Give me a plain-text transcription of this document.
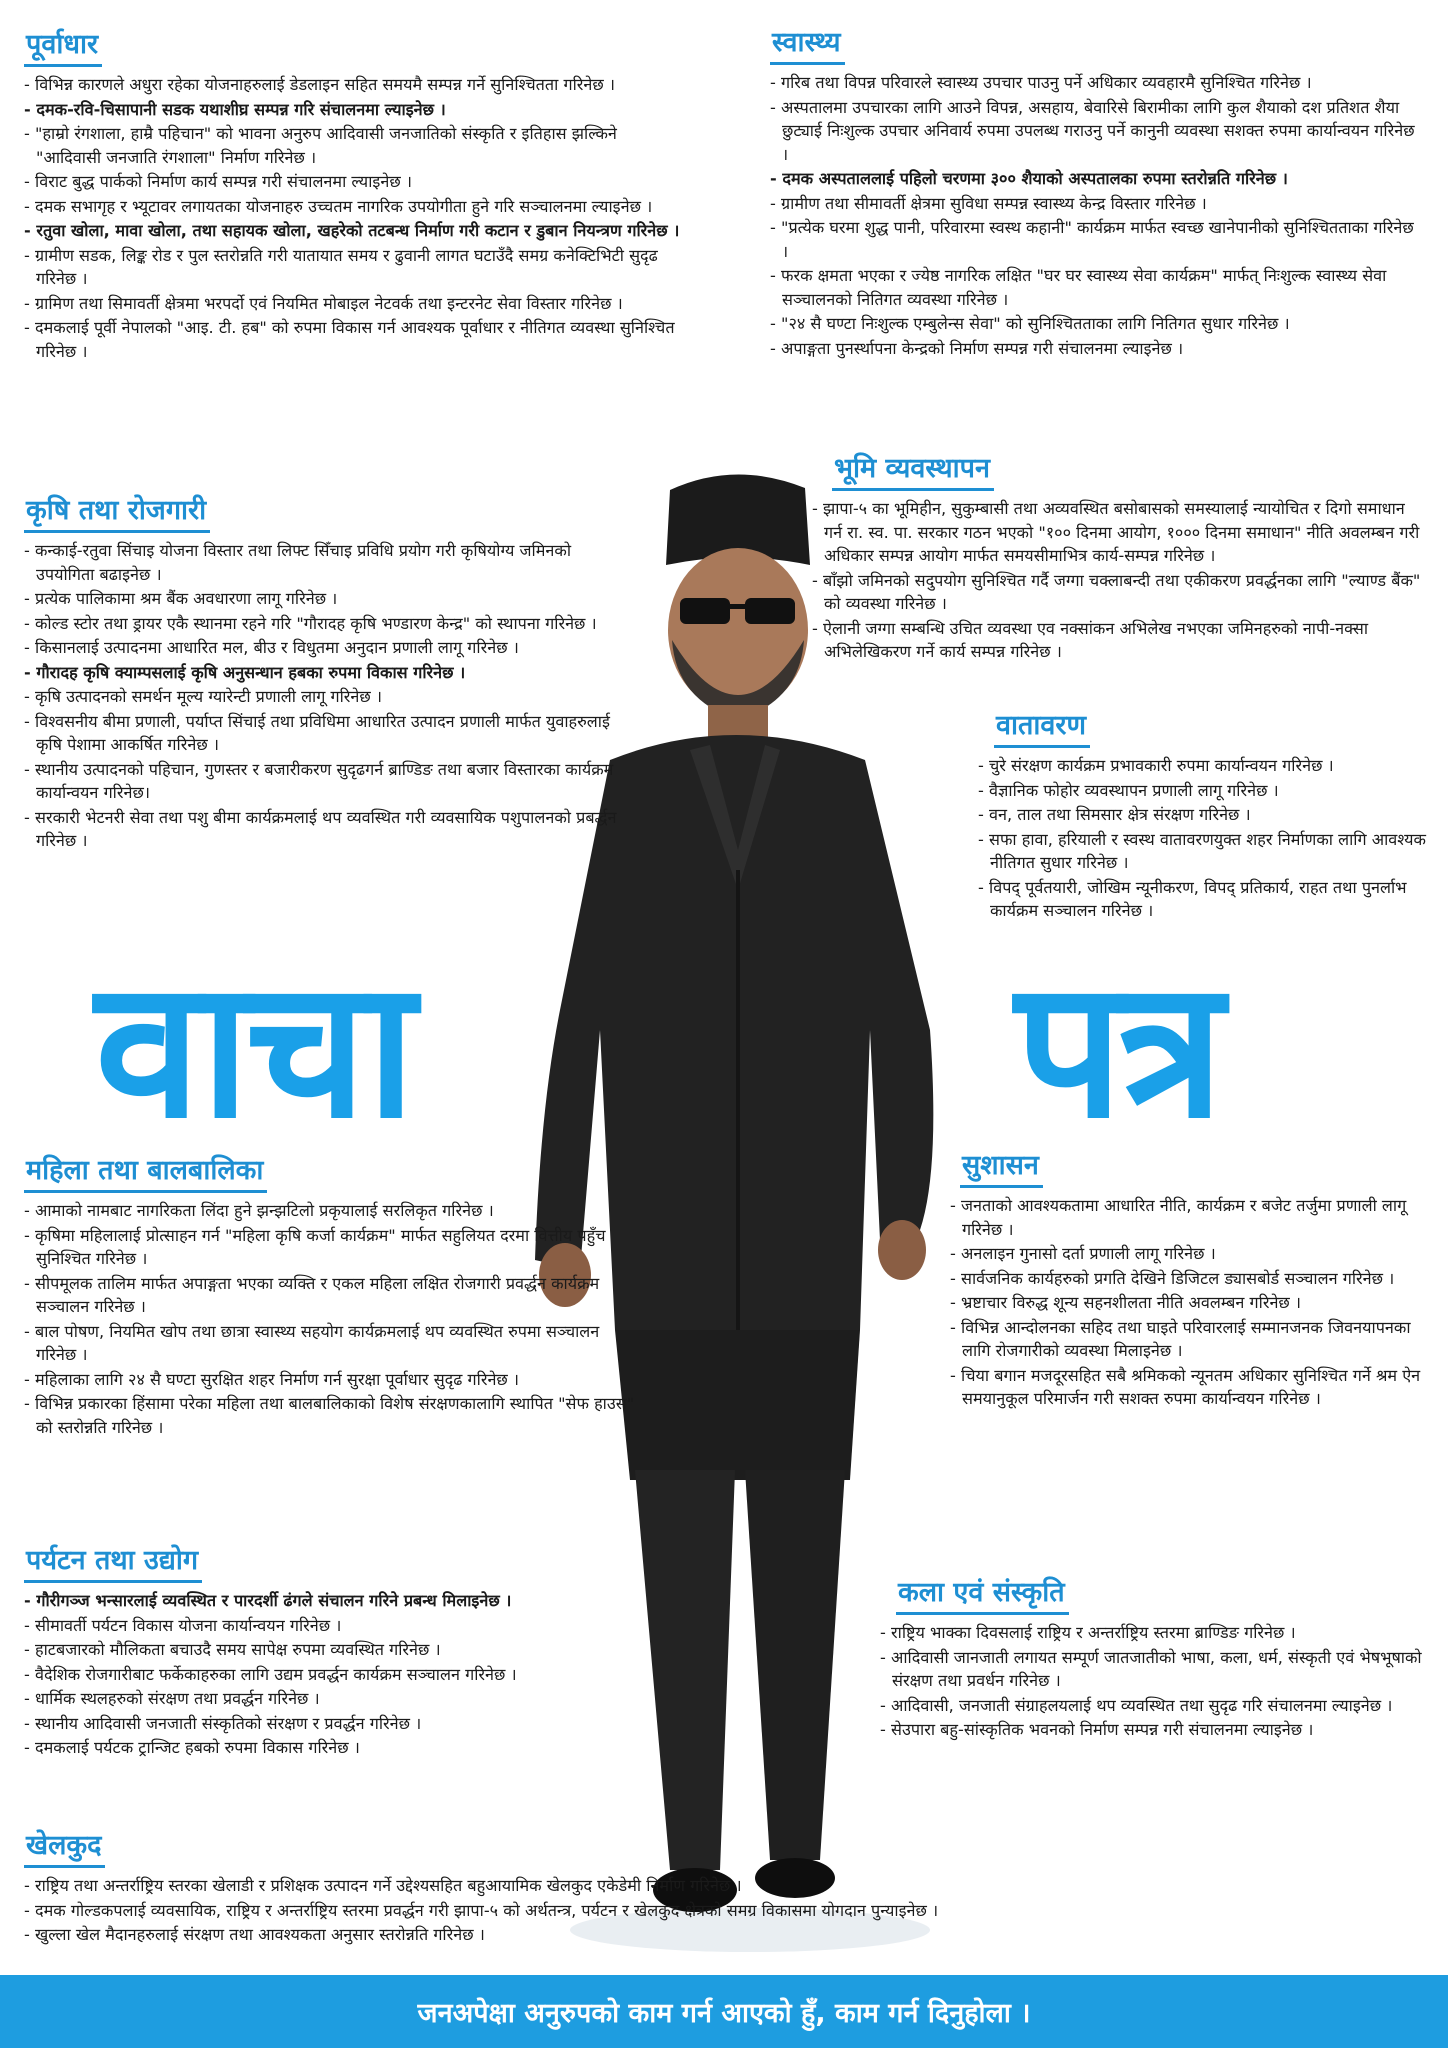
वाचा	पत्र
पूर्वाधार
- विभिन्न कारणले अधुरा रहेका योजनाहरुलाई डेडलाइन सहित समयमै सम्पन्न गर्ने सुनिश्चितता गरिनेछ ।
- दमक-रवि-चिसापानी सडक यथाशीघ्र सम्पन्न गरि संचालनमा ल्याइनेछ ।
- "हाम्रो रंगशाला, हाम्रै पहिचान" को भावना अनुरुप आदिवासी जनजातिको संस्कृति र इतिहास झल्किने "आदिवासी जनजाति रंगशाला" निर्माण गरिनेछ ।
- विराट बुद्ध पार्कको निर्माण कार्य सम्पन्न गरी संचालनमा ल्याइनेछ ।
- दमक सभागृह र भ्यूटावर लगायतका योजनाहरु उच्चतम नागरिक उपयोगीता हुने गरि सञ्चालनमा ल्याइनेछ ।
- रतुवा खोला, मावा खोला, तथा सहायक खोला, खहरेको तटबन्ध निर्माण गरी कटान र डुबान नियन्त्रण गरिनेछ ।
- ग्रामीण सडक, लिङ्क रोड र पुल स्तरोन्नति गरी यातायात समय र ढुवानी लागत घटाउँदै समग्र कनेक्टिभिटी सुदृढ गरिनेछ ।
- ग्रामिण तथा सिमावर्ती क्षेत्रमा भरपर्दो एवं नियमित मोबाइल नेटवर्क तथा इन्टरनेट सेवा विस्तार गरिनेछ ।
- दमकलाई पूर्वी नेपालको "आइ. टी. हब" को रुपमा विकास गर्न आवश्यक पूर्वाधार र नीतिगत व्यवस्था सुनिश्चित गरिनेछ ।
कृषि तथा रोजगारी
- कन्काई-रतुवा सिंचाइ योजना विस्तार तथा लिफ्ट सिँचाइ प्रविधि प्रयोग गरी कृषियोग्य जमिनको उपयोगिता बढाइनेछ ।
- प्रत्येक पालिकामा श्रम बैंक अवधारणा लागू गरिनेछ ।
- कोल्ड स्टोर तथा ड्रायर एकै स्थानमा रहने गरि "गौरादह कृषि भण्डारण केन्द्र" को स्थापना गरिनेछ ।
- किसानलाई उत्पादनमा आधारित मल, बीउ र विधुतमा अनुदान प्रणाली लागू गरिनेछ ।
- गौरादह कृषि क्याम्पसलाई कृषि अनुसन्धान हबका रुपमा विकास गरिनेछ ।
- कृषि उत्पादनको समर्थन मूल्य ग्यारेन्टी प्रणाली लागू गरिनेछ ।
- विश्वसनीय बीमा प्रणाली, पर्याप्त सिंचाई तथा प्रविधिमा आधारित उत्पादन प्रणाली मार्फत युवाहरुलाई कृषि पेशामा आकर्षित गरिनेछ ।
- स्थानीय उत्पादनको पहिचान, गुणस्तर र बजारीकरण सुदृढगर्न ब्राण्डिङ तथा बजार विस्तारका कार्यक्रम कार्यान्वयन गरिनेछ।
- सरकारी भेटनरी सेवा तथा पशु बीमा कार्यक्रमलाई थप व्यवस्थित गरी व्यवसायिक पशुपालनको प्रबर्द्धन गरिनेछ ।
महिला तथा बालबालिका
- आमाको नामबाट नागरिकता लिंदा हुने झन्झटिलो प्रकृयालाई सरलिकृत गरिनेछ ।
- कृषिमा महिलालाई प्रोत्साहन गर्न "महिला कृषि कर्जा कार्यक्रम" मार्फत सहुलियत दरमा वित्तीय पहुँच सुनिश्चित गरिनेछ ।
- सीपमूलक तालिम मार्फत अपाङ्गता भएका व्यक्ति र एकल महिला लक्षित रोजगारी प्रवर्द्धन कार्यक्रम सञ्चालन गरिनेछ ।
- बाल पोषण, नियमित खोप तथा छात्रा स्वास्थ्य सहयोग कार्यक्रमलाई थप व्यवस्थित रुपमा सञ्चालन गरिनेछ ।
- महिलाका लागि २४ सै घण्टा सुरक्षित शहर निर्माण गर्न सुरक्षा पूर्वाधार सुदृढ गरिनेछ ।
- विभिन्न प्रकारका हिंसामा परेका महिला तथा बालबालिकाको विशेष संरक्षणकालागि स्थापित "सेफ हाउस" को स्तरोन्नति गरिनेछ ।
पर्यटन तथा उद्योग
- गौरीगञ्ज भन्सारलाई व्यवस्थित र पारदर्शी ढंगले संचालन गरिने प्रबन्ध मिलाइनेछ ।
- सीमावर्ती पर्यटन विकास योजना कार्यान्वयन गरिनेछ ।
- हाटबजारको मौलिकता बचाउदै समय सापेक्ष रुपमा व्यवस्थित गरिनेछ ।
- वैदेशिक रोजगारीबाट फर्केकाहरुका लागि उद्यम प्रवर्द्धन कार्यक्रम सञ्चालन गरिनेछ ।
- धार्मिक स्थलहरुको संरक्षण तथा प्रवर्द्धन गरिनेछ ।
- स्थानीय आदिवासी जनजाती संस्कृतिको संरक्षण र प्रवर्द्धन गरिनेछ ।
- दमकलाई पर्यटक ट्रान्जिट हबको रुपमा विकास गरिनेछ ।
स्वास्थ्य
- गरिब तथा विपन्न परिवारले स्वास्थ्य उपचार पाउनु पर्ने अधिकार व्यवहारमै सुनिश्चित गरिनेछ ।
- अस्पतालमा उपचारका लागि आउने विपन्न, असहाय, बेवारिसे बिरामीका लागि कुल शैयाको दश प्रतिशत शैया छुट्याई निःशुल्क उपचार अनिवार्य रुपमा उपलब्ध गराउनु पर्ने कानुनी व्यवस्था सशक्त रुपमा कार्यान्वयन गरिनेछ ।
- दमक अस्पताललाई पहिलो चरणमा ३०० शैयाको अस्पतालका रुपमा स्तरोन्नति गरिनेछ ।
- ग्रामीण तथा सीमावर्ती क्षेत्रमा सुविधा सम्पन्न स्वास्थ्य केन्द्र विस्तार गरिनेछ ।
- "प्रत्येक घरमा शुद्ध पानी, परिवारमा स्वस्थ कहानी" कार्यक्रम मार्फत स्वच्छ खानेपानीको सुनिश्चितताका गरिनेछ ।
- फरक क्षमता भएका र ज्येष्ठ नागरिक लक्षित "घर घर स्वास्थ्य सेवा कार्यक्रम" मार्फत् निःशुल्क स्वास्थ्य सेवा सञ्चालनको नितिगत व्यवस्था गरिनेछ ।
- "२४ सै घण्टा निःशुल्क एम्बुलेन्स सेवा" को सुनिश्चितताका लागि नितिगत सुधार गरिनेछ ।
- अपाङ्गता पुनर्स्थापना केन्द्रको निर्माण सम्पन्न गरी संचालनमा ल्याइनेछ ।
भूमि व्यवस्थापन
- झापा-५ का भूमिहीन, सुकुम्बासी तथा अव्यवस्थित बसोबासको समस्यालाई न्यायोचित र दिगो समाधान गर्न रा. स्व. पा. सरकार गठन भएको "१०० दिनमा आयोग, १००० दिनमा समाधान" नीति अवलम्बन गरी अधिकार सम्पन्न आयोग मार्फत समयसीमाभित्र कार्य-सम्पन्न गरिनेछ ।
- बाँझो जमिनको सदुपयोग सुनिश्चित गर्दै जग्गा चक्लाबन्दी तथा एकीकरण प्रवर्द्धनका लागि "ल्याण्ड बैंक" को व्यवस्था गरिनेछ ।
- ऐलानी जग्गा सम्बन्धि उचित व्यवस्था एव नक्सांकन अभिलेख नभएका जमिनहरुको नापी-नक्सा अभिलेखिकरण गर्ने कार्य सम्पन्न गरिनेछ ।
वातावरण
- चुरे संरक्षण कार्यक्रम प्रभावकारी रुपमा कार्यान्वयन गरिनेछ ।
- वैज्ञानिक फोहोर व्यवस्थापन प्रणाली लागू गरिनेछ ।
- वन, ताल तथा सिमसार क्षेत्र संरक्षण गरिनेछ ।
- सफा हावा, हरियाली र स्वस्थ वातावरणयुक्त शहर निर्माणका लागि आवश्यक नीतिगत सुधार गरिनेछ ।
- विपद् पूर्वतयारी, जोखिम न्यूनीकरण, विपद् प्रतिकार्य, राहत तथा पुनर्लाभ कार्यक्रम सञ्चालन गरिनेछ ।
सुशासन
- जनताको आवश्यकतामा आधारित नीति, कार्यक्रम र बजेट तर्जुमा प्रणाली लागू गरिनेछ ।
- अनलाइन गुनासो दर्ता प्रणाली लागू गरिनेछ ।
- सार्वजनिक कार्यहरुको प्रगति देखिने डिजिटल ड्यासबोर्ड सञ्चालन गरिनेछ ।
- भ्रष्टाचार विरुद्ध शून्य सहनशीलता नीति अवलम्बन गरिनेछ ।
- विभिन्न आन्दोलनका सहिद तथा घाइते परिवारलाई सम्मानजनक जिवनयापनका लागि रोजगारीको व्यवस्था मिलाइनेछ ।
- चिया बगान मजदूरसहित सबै श्रमिकको न्यूनतम अधिकार सुनिश्चित गर्ने श्रम ऐन समयानुकूल परिमार्जन गरी सशक्त रुपमा कार्यान्वयन गरिनेछ ।
कला एवं संस्कृति
- राष्ट्रिय भाक्का दिवसलाई राष्ट्रिय र अन्तर्राष्ट्रिय स्तरमा ब्राण्डिङ गरिनेछ ।
- आदिवासी जानजाती लगायत सम्पूर्ण जातजातीको भाषा, कला, धर्म, संस्कृती एवं भेषभूषाको संरक्षण तथा प्रवर्धन गरिनेछ ।
- आदिवासी, जनजाती संग्राहलयलाई थप व्यवस्थित तथा सुदृढ गरि संचालनमा ल्याइनेछ ।
- सेउपारा बहु-सांस्कृतिक भवनको निर्माण सम्पन्न गरी संचालनमा ल्याइनेछ ।
खेलकुद
- राष्ट्रिय तथा अन्तर्राष्ट्रिय स्तरका खेलाडी र प्रशिक्षक उत्पादन गर्ने उद्देश्यसहित बहुआयामिक खेलकुद एकेडेमी निर्माण गरिनेछ ।
- दमक गोल्डकपलाई व्यवसायिक, राष्ट्रिय र अन्तर्राष्ट्रिय स्तरमा प्रवर्द्धन गरी झापा-५ को अर्थतन्त्र, पर्यटन र खेलकुद क्षेत्रको समग्र विकासमा योगदान पुन्याइनेछ ।
- खुल्ला खेल मैदानहरुलाई संरक्षण तथा आवश्यकता अनुसार स्तरोन्नति गरिनेछ ।
जनअपेक्षा अनुरुपको काम गर्न आएको हुँ, काम गर्न दिनुहोला ।
